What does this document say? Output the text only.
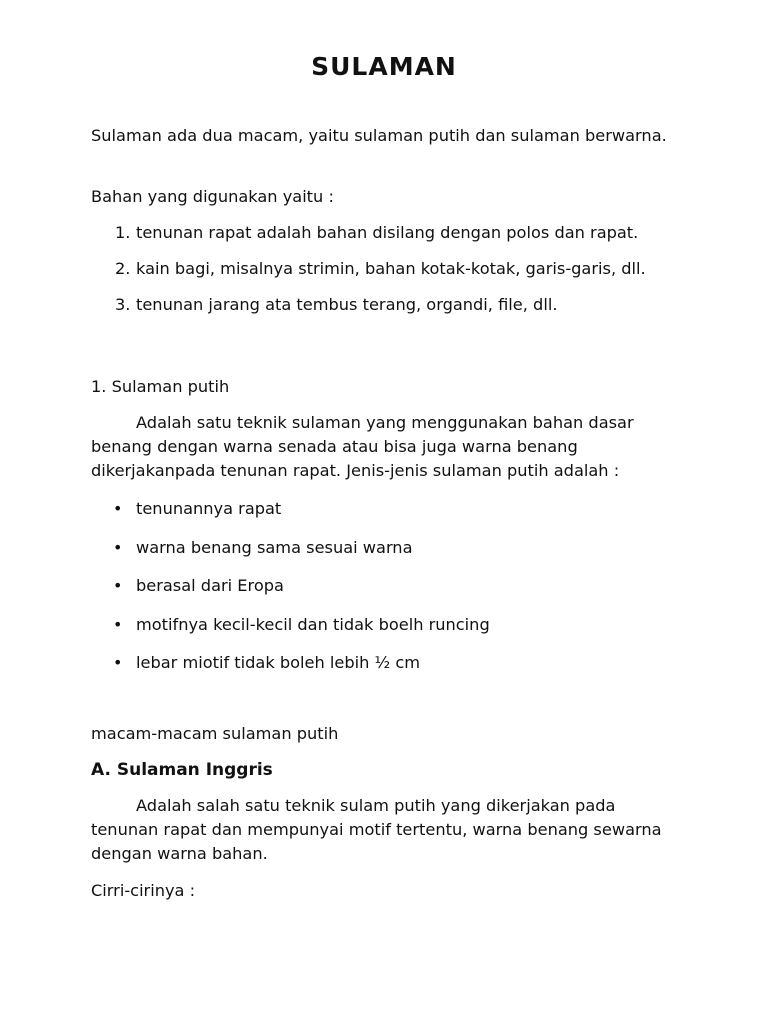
SULAMAN

Sulaman ada dua macam, yaitu sulaman putih dan sulaman berwarna.

Bahan yang digunakan yaitu :

1. tenunan rapat adalah bahan disilang dengan polos dan rapat.
2. kain bagi, misalnya strimin, bahan kotak-kotak, garis-garis, dll.
3. tenunan jarang ata tembus terang, organdi, file, dll.

1. Sulaman putih

Adalah satu teknik sulaman yang menggunakan bahan dasar benang dengan warna senada atau bisa juga warna benang dikerjakanpada tenunan rapat. Jenis-jenis sulaman putih adalah :

• tenunannya rapat
• warna benang sama sesuai warna
• berasal dari Eropa
• motifnya kecil-kecil dan tidak boelh runcing
• lebar miotif tidak boleh lebih ½ cm

macam-macam sulaman putih

A. Sulaman Inggris

Adalah salah satu teknik sulam putih yang dikerjakan pada tenunan rapat dan mempunyai motif tertentu, warna benang sewarna dengan warna bahan.

Cirri-cirinya :
